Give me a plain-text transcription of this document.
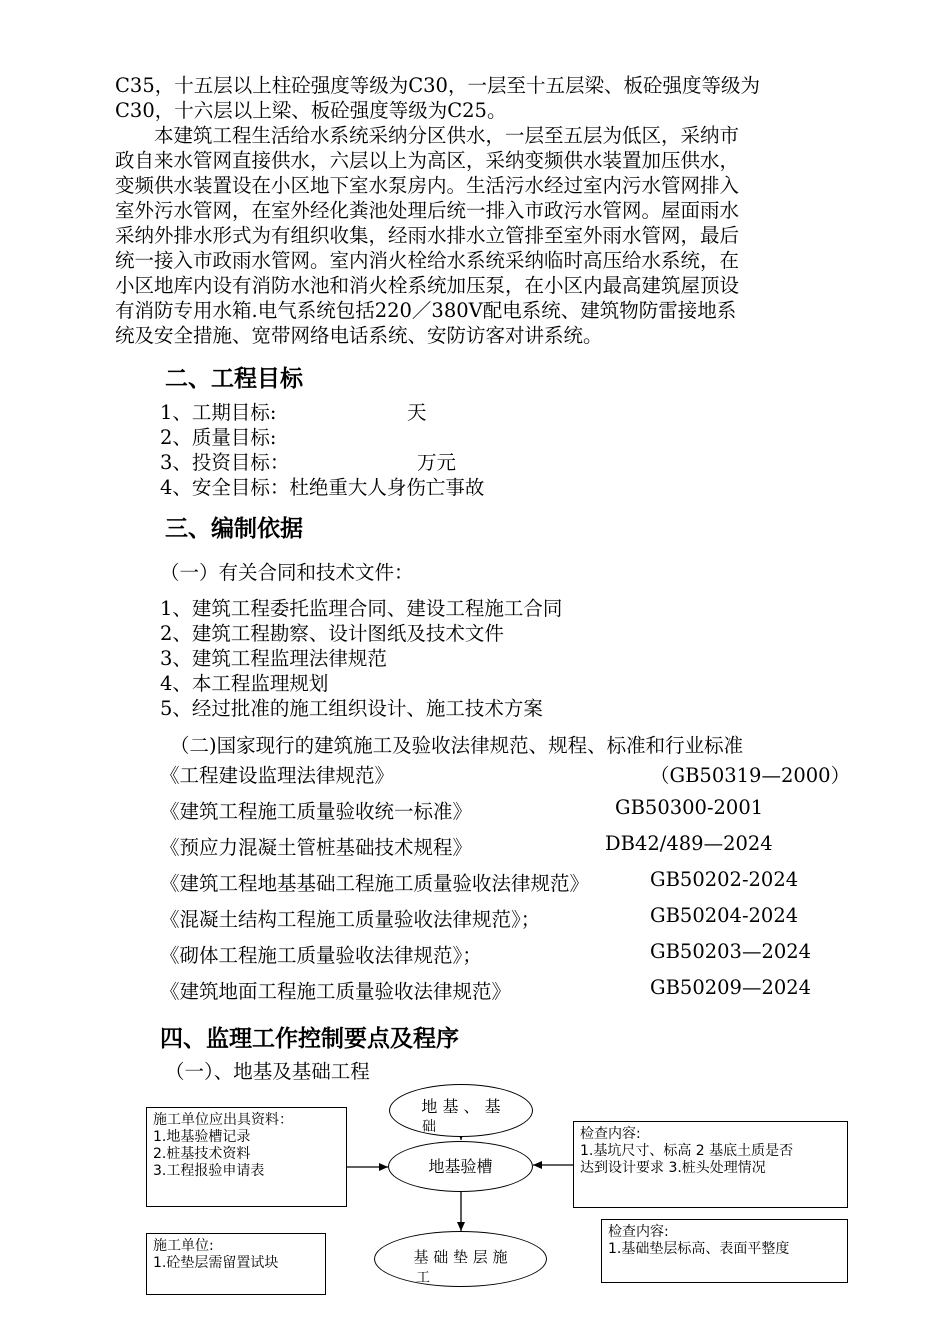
C35，十五层以上柱砼强度等级为C30，一层至十五层梁、板砼强度等级为

C30，十六层以上梁、板砼强度等级为C25。

　　本建筑工程生活给水系统采纳分区供水，一层至五层为低区，采纳市

政自来水管网直接供水，六层以上为高区，采纳变频供水装置加压供水，

变频供水装置设在小区地下室水泵房内。生活污水经过室内污水管网排入

室外污水管网，在室外经化粪池处理后统一排入市政污水管网。屋面雨水

采纳外排水形式为有组织收集，经雨水排水立管排至室外雨水管网，最后

统一接入市政雨水管网。室内消火栓给水系统采纳临时高压给水系统，在

小区地库内设有消防水池和消火栓系统加压泵，在小区内最高建筑屋顶设

有消防专用水箱.电气系统包括220／380V配电系统、建筑物防雷接地系

统及安全措施、宽带网络电话系统、安防访客对讲系统。

二、工程目标

1、工期目标:	天

2、质量目标:

3、投资目标：	万元

4、安全目标：杜绝重大人身伤亡事故

三、编制依据

（一）有关合同和技术文件：

1、建筑工程委托监理合同、建设工程施工合同

2、建筑工程勘察、设计图纸及技术文件

3、建筑工程监理法律规范

4、本工程监理规划

5、经过批准的施工组织设计、施工技术方案

（二)国家现行的建筑施工及验收法律规范、规程、标准和行业标准

《工程建设监理法律规范》	（GB50319—2000）
《建筑工程施工质量验收统一标准》	GB50300-2001
《预应力混凝土管桩基础技术规程》	DB42/489—2024
《建筑工程地基基础工程施工质量验收法律规范》	GB50202-2024
《混凝土结构工程施工质量验收法律规范》；	GB50204-2024
《砌体工程施工质量验收法律规范》；	GB50203—2024
《建筑地面工程施工质量验收法律规范》	GB50209—2024
四、监理工作控制要点及程序

（一）、地基及基础工程

施工单位应出具资料：
1.地基验槽记录
2.桩基技术资料
3.工程报验申请表
施工单位:
1.砼垫层需留置试块
检查内容:
1.基坑尺寸、标高 2 基底土质是否
达到设计要求 3.桩头处理情况
检查内容:
1.基础垫层标高、表面平整度
地 基 、 基
础
地基验槽
基 础 垫 层 施
工
